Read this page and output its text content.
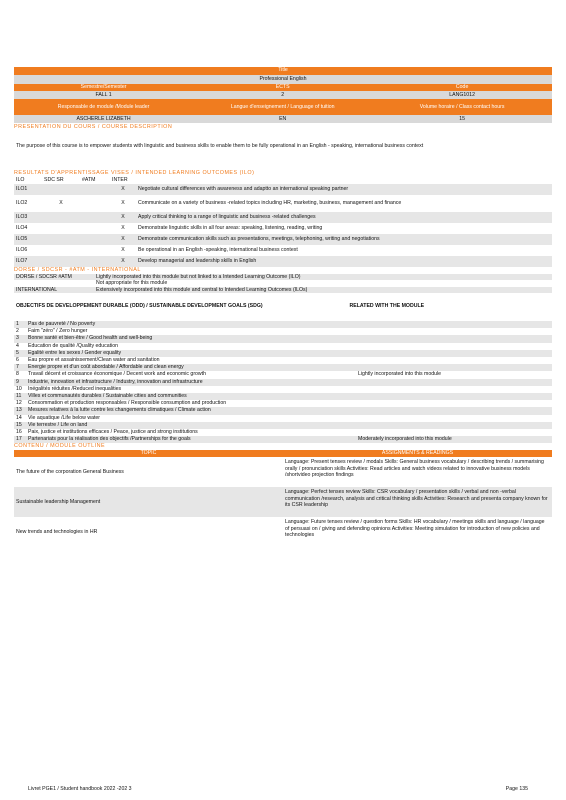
Title
Professional English
Semestre/Semester	ECTS	Code
FALL 1	2	LANG1012
Responsable de module /Module leader	Langue d'enseignement / Language of tuition	Volume horaire / Class contact hours
ASCHERLE LIZABETH	EN	15
PRESENTATION DU COURS / COURSE DESCRIPTION
The purpose of this course is to empower students with linguistic and business skills to enable them to be fully operational in an English - speaking, international business context
RESULTATS D'APPRENTISSAGE VISES / INTENDED LEARNING OUTCOMES (ILO)
ILO	SDC SR	#ATM	INTER	
ILO1			X	Negotiate cultural differences with awareness and adaptto an international speaking partner
ILO2	X		X	Communicate on a variety of business -related topics including HR, marketing, business, management and finance
ILO3			X	Apply critical thinking to a range of linguistic and business -related challenges
ILO4			X	Demonstrate linguistic skills in all four areas: speaking, listening, reading, writing
ILO5			X	Demonstrate communication skills such as presentations, meetings, telephoning, writing and negotiations
ILO6			X	Be operational in an English -speaking, international business context
ILO7			X	Develop managerial and leadership skills in English
DORSE / SDCSR - #ATM - INTERNATIONAL
DORSE / SDCSR #ATM	Lightly incorporated into this module but not linked to a Intended Learning Outcome (ILO)
	Not appropriate for this module
INTERNATIONAL	Extensively incorporated into this module and central to Intended Learning Outcomes (ILOs)
OBJECTIFS DE DEVELOPPEMENT DURABLE (ODD) / SUSTAINABLE DEVELOPMENT GOALS (SDG)	RELATED WITH THE MODULE
1	Pas de pauvreté / No poverty	
2	Faim "zéro" / Zero hunger	
3	Bonne santé et bien-être / Good health and well-being	
4	Education de qualité /Quality education	
5	Egalité entre les sexes / Gender equality	
6	Eau propre et assainissement/Clean water and sanitation	
7	Energie propre et d'un coût abordable / Affordable and clean energy	
8	Travail décent et croissance économique / Decent work and economic growth	Lightly incorporated into this module
9	Industrie, innovation et infrastructure / Industry, innovation and infrastructure	
10	Inégalités réduites /Reduced inequalities	
11	Villes et communautés durables / Sustainable cities and communities	
12	Consommation et production responsables / Responsible consumption and production	
13	Mesures relatives à la lutte contre les changements climatiques / Climate action	
14	Vie aquatique /Life below water	
15	Vie terrestre / Life on land	
16	Paix, justice et institutions efficaces / Peace, justice and strong institutions	
17	Partenariats pour la réalisation des objectifs /Partnerships for the goals	Moderately incorporated into this module
CONTENU / MODULE OUTLINE
TOPIC	ASSIGNMENTS & READINGS
The future of the corporation General Business	Language: Present tenses review / modals Skills: General business vocabulary / describing trends / summarising orally / pronunciation skills Activities: Read articles and watch videos related to innovative business models /shortvideo projection findings
Sustainable leadership Management	Language: Perfect tenses review Skills: CSR vocabulary / presentation skills / verbal and non -verbal communication /research, analysis and critical thinking skills Activities: Research and presenta company known for its CSR leadership
New trends and technologies in HR	Language: Future tenses review / question forms Skills: HR vocabulary / meetings skills and language / language of persuasi on / giving and defending opinions Activities: Meeting simulation for introduction of new policies and technologies
Livret PGE1 / Student handbook 2022 -202 3	Page 135
